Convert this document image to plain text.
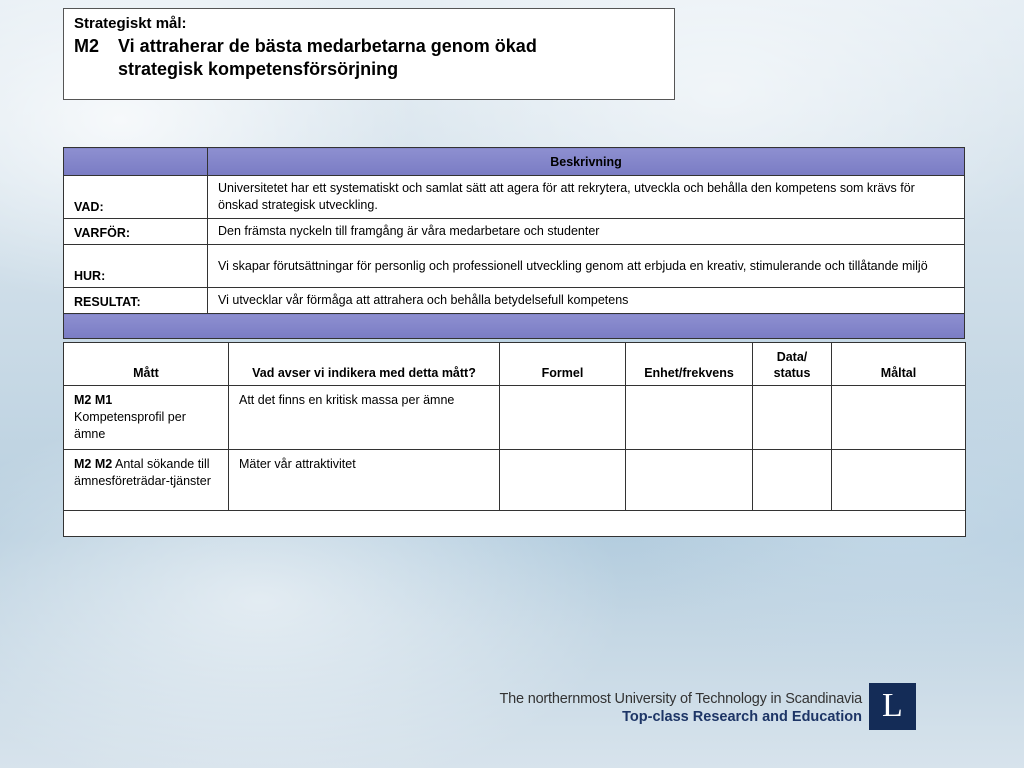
Strategiskt mål:
M2	Vi attraherar de bästa medarbetarna genom ökad strategisk kompetensförsörjning
	Beskrivning
VAD:	Universitetet har ett systematiskt och samlat sätt att agera för att rekrytera, utveckla och behålla den kompetens som krävs för önskad strategisk utveckling.
VARFÖR:	Den främsta nyckeln till framgång är våra medarbetare och studenter
HUR:	Vi skapar förutsättningar för personlig och professionell utveckling genom att erbjuda en kreativ, stimulerande och tillåtande miljö
RESULTAT:	Vi utvecklar vår förmåga att attrahera och behålla betydelsefull kompetens

Mått	Vad avser vi indikera med detta mått?	Formel	Enhet/frekvens	Data/ status	Måltal
M2 M1
Kompetensprofil per ämne	Att det finns en kritisk massa per ämne				
M2 M2 Antal sökande till ämnesföreträdar-tjänster	Mäter vår attraktivitet				

The northernmost University of Technology in Scandinavia
Top-class Research and Education L
